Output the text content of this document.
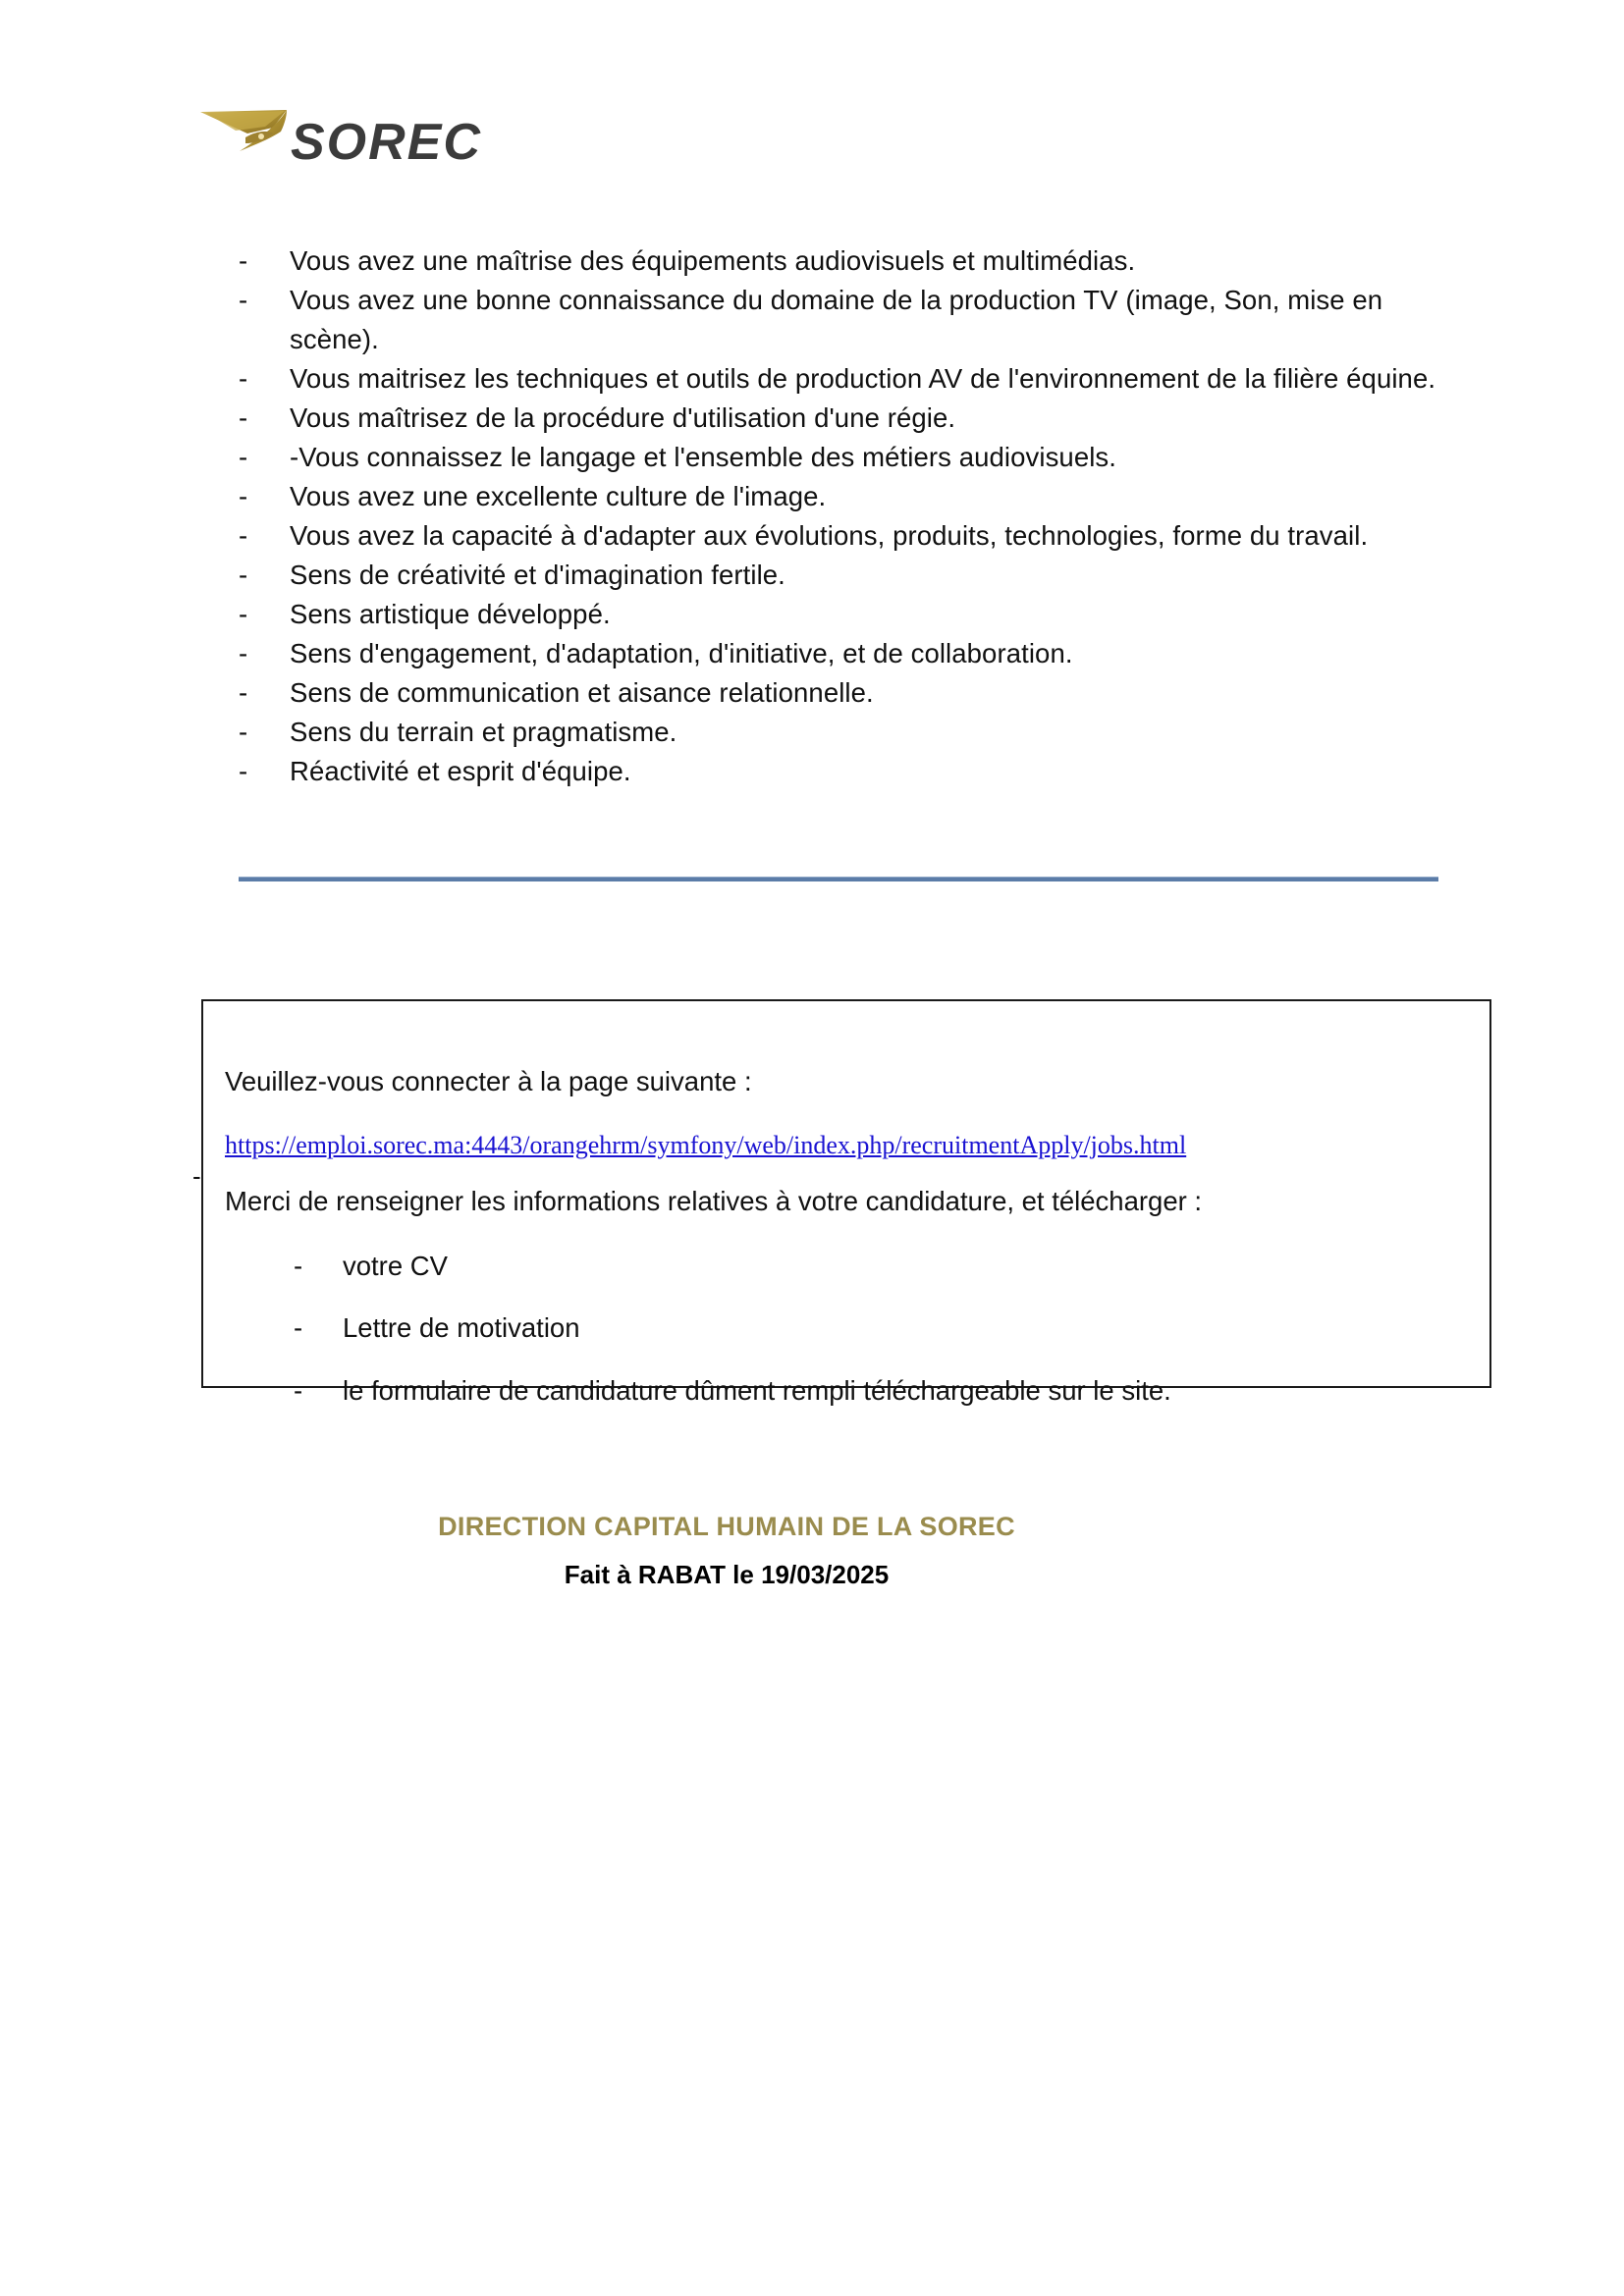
SOREC

- Vous avez une maîtrise des équipements audiovisuels et multimédias.

- Vous avez une bonne connaissance du domaine de la production TV (image, Son, mise en scène).

- Vous maitrisez les techniques et outils de production AV de l'environnement de la filière équine.

- Vous maîtrisez de la procédure d'utilisation d'une régie.

- -Vous connaissez le langage et l'ensemble des métiers audiovisuels.

- Vous avez une excellente culture de l'image.

- Vous avez la capacité à d'adapter aux évolutions, produits, technologies, forme du travail.

- Sens de créativité et d'imagination fertile.

- Sens artistique développé.

- Sens d'engagement, d'adaptation, d'initiative, et de collaboration.

- Sens de communication et aisance relationnelle.

- Sens du terrain et pragmatisme.

- Réactivité et esprit d'équipe.

-

Veuillez-vous connecter à la page suivante :

https://emploi.sorec.ma:4443/orangehrm/symfony/web/index.php/recruitmentApply/jobs.html

Merci de renseigner les informations relatives à votre candidature, et télécharger :

- votre CV

- Lettre de motivation

- le formulaire de candidature dûment rempli téléchargeable sur le site.

DIRECTION CAPITAL HUMAIN DE LA SOREC

Fait à RABAT le 19/03/2025
